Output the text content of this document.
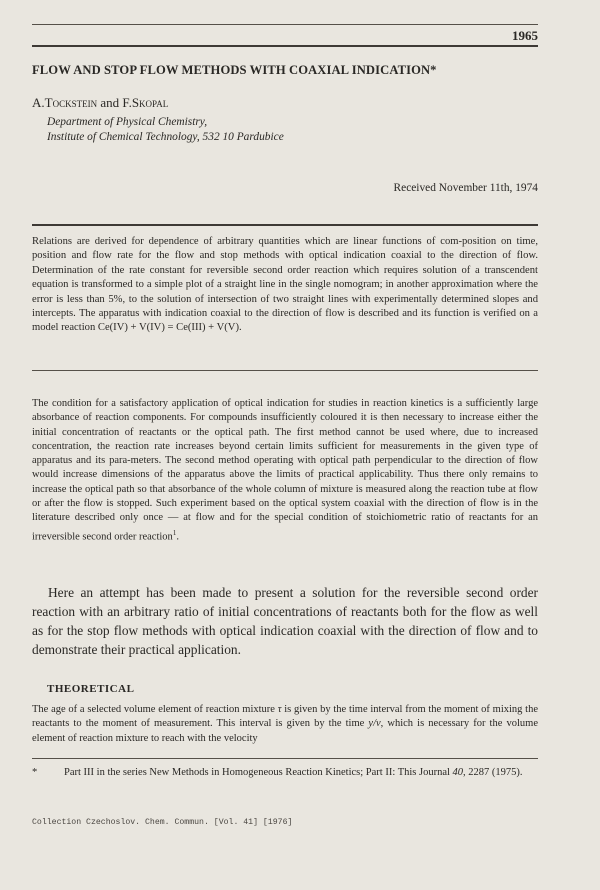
1965
FLOW AND STOP FLOW METHODS WITH COAXIAL INDICATION*
A.Tockstein and F.Skopal
Department of Physical Chemistry,
Institute of Chemical Technology, 532 10 Pardubice
Received November 11th, 1974

Relations are derived for dependence of arbitrary quantities which are linear functions of com-position on time, position and flow rate for the flow and stop methods with optical indication coaxial to the direction of flow. Determination of the rate constant for reversible second order reaction which requires solution of a transcendent equation is transformed to a simple plot of a straight line in the single nomogram; in another approximation where the error is less than 5%, to the solution of intersection of two straight lines with experimentally determined slopes and intercepts. The apparatus with indication coaxial to the direction of flow is described and its function is verified on a model reaction Ce(IV) + V(IV) = Ce(III) + V(V).

The condition for a satisfactory application of optical indication for studies in reaction kinetics is a sufficiently large absorbance of reaction components. For compounds insufficiently coloured it is then necessary to increase either the initial concentration of reactants or the optical path. The first method cannot be used where, due to increased concentration, the reaction rate increases beyond certain limits sufficient for measurements in the given type of apparatus and its para-meters. The second method operating with optical path perpendicular to the direction of flow would increase dimensions of the apparatus above the limits of practical applicability. Thus there only remains to increase the optical path so that absorbance of the whole column of mixture is measured along the reaction tube at flow or after the flow is stopped. Such experiment based on the optical system coaxial with the direction of flow is in the literature described only once — at flow and for the special condition of stoichiometric ratio of reactants for an irreversible second order reaction$^1$.

Here an attempt has been made to present a solution for the reversible second order reaction with an arbitrary ratio of initial concentrations of reactants both for the flow as well as for the stop flow methods with optical indication coaxial with the direction of flow and to demonstrate their practical application.

THEORETICAL

The age of a selected volume element of reaction mixture τ is given by the time interval from the moment of mixing the reactants to the moment of measurement. This interval is given by the time y/v, which is necessary for the volume element of reaction mixture to reach with the velocity

*	Part III in the series New Methods in Homogeneous Reaction Kinetics; Part II: This Journal 40, 2287 (1975).

Collection Czechoslov. Chem. Commun. [Vol. 41] [1976]
